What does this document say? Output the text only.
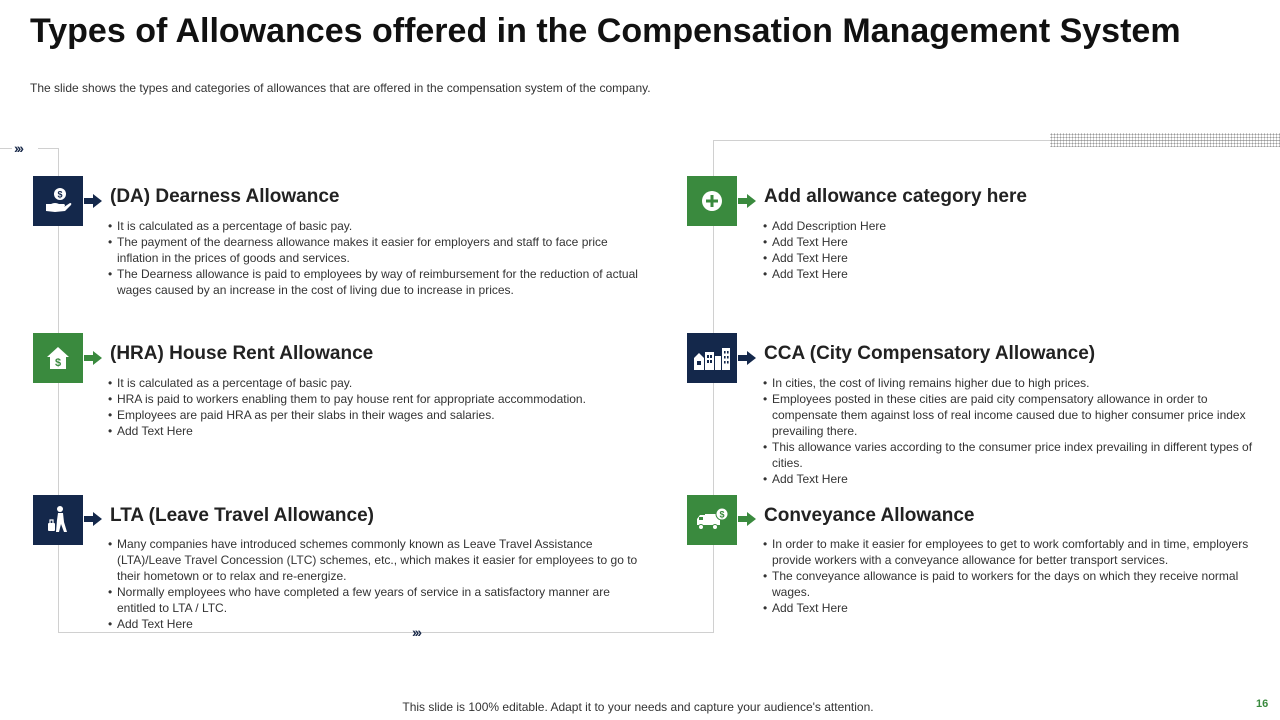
Types of Allowances offered in the Compensation Management System

The slide shows the types and categories of allowances that are offered in the compensation system of the company.

›››
›››
$ (DA) Dearness Allowance
• It is calculated as a percentage of basic pay.
• The payment of the dearness allowance makes it easier for employers and staff to face price inflation in the prices of goods and services.
• The Dearness allowance is paid to employees by way of reimbursement for the reduction of actual wages caused by an increase in the cost of living due to increase in prices.
$	(HRA) House Rent Allowance
• It is calculated as a percentage of basic pay.
• HRA is paid to workers enabling them to pay house rent for appropriate accommodation.
• Employees are paid HRA as per their slabs in their wages and salaries.
• Add Text Here
LTA (Leave Travel Allowance)
• Many companies have introduced schemes commonly known as Leave Travel Assistance (LTA)/Leave Travel Concession (LTC) schemes, etc., which makes it easier for employees to go to their hometown or to relax and re-energize.
• Normally employees who have completed a few years of service in a satisfactory manner are entitled to LTA / LTC.
• Add Text Here
Add allowance category here
• Add Description Here
• Add Text Here
• Add Text Here
• Add Text Here
CCA (City Compensatory Allowance)
• In cities, the cost of living remains higher due to high prices.
• Employees posted in these cities are paid city compensatory allowance in order to compensate them against loss of real income caused due to higher consumer price index prevailing there.
• This allowance varies according to the consumer price index prevailing in different types of cities.
• Add Text Here
$ Conveyance Allowance
• In order to make it easier for employees to get to work comfortably and in time, employers provide workers with a conveyance allowance for better transport services.
• The conveyance allowance is paid to workers for the days on which they receive normal wages.
• Add Text Here

This slide is 100% editable. Adapt it to your needs and capture your audience's attention.	16
